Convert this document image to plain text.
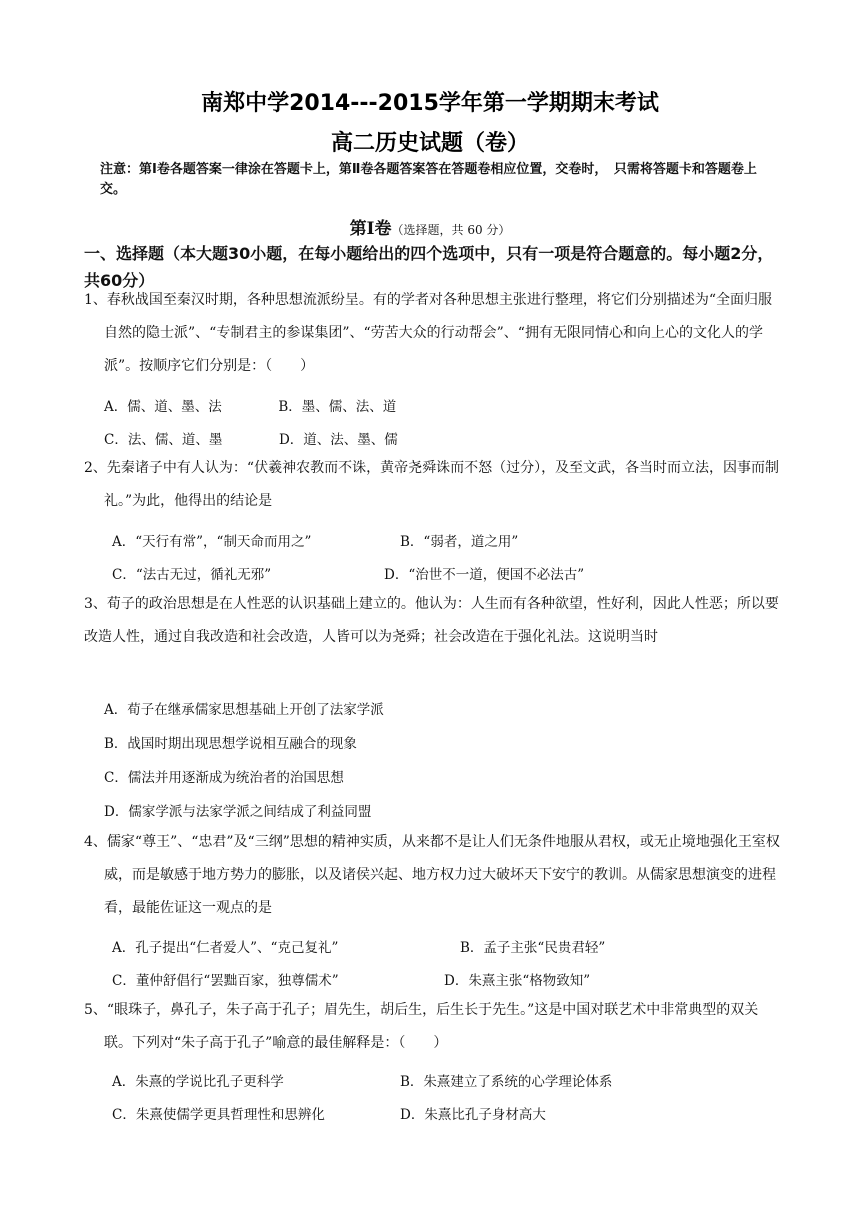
南郑中学2014---2015学年第一学期期末考试
高二历史试题（卷）
注意：第Ⅰ卷各题答案一律涂在答题卡上，第Ⅱ卷各题答案答在答题卷相应位置，交卷时，　只需将答题卡和答题卷上交。
第Ⅰ卷（选择题，共 60 分）
一、选择题（本大题30小题，在每小题给出的四个选项中，只有一项是符合题意的。每小题2分，共60分）
1、春秋战国至秦汉时期，各种思想流派纷呈。有的学者对各种思想主张进行整理，将它们分别描述为“全面归服自然的隐士派”、“专制君主的参谋集团”、“劳苦大众的行动帮会”、“拥有无限同情心和向上心的文化人的学派”。按顺序它们分别是：（　　）
A．儒、道、墨、法	B．墨、儒、法、道
C．法、儒、道、墨	D．道、法、墨、儒
2、先秦诸子中有人认为：“伏羲神农教而不诛，黄帝尧舜诛而不怒（过分），及至文武，各当时而立法，因事而制礼。”为此，他得出的结论是
A．“天行有常”，“制天命而用之”	B．“弱者，道之用”
C．“法古无过，循礼无邪”	D．“治世不一道，便国不必法古”
3、荀子的政治思想是在人性恶的认识基础上建立的。他认为：人生而有各种欲望，性好利，因此人性恶；所以要改造人性，通过自我改造和社会改造，人皆可以为尧舜；社会改造在于强化礼法。这说明当时
A．荀子在继承儒家思想基础上开创了法家学派
B．战国时期出现思想学说相互融合的现象
C．儒法并用逐渐成为统治者的治国思想
D．儒家学派与法家学派之间结成了利益同盟
4、儒家“尊王”、“忠君”及“三纲”思想的精神实质，从来都不是让人们无条件地服从君权，或无止境地强化王室权威，而是敏感于地方势力的膨胀，以及诸侯兴起、地方权力过大破坏天下安宁的教训。从儒家思想演变的进程看，最能佐证这一观点的是
A．孔子提出“仁者爱人”、“克己复礼”	B．孟子主张“民贵君轻”
C．董仲舒倡行“罢黜百家，独尊儒术”	D．朱熹主张“格物致知”
5、“眼珠子，鼻孔子，朱子高于孔子；眉先生，胡后生，后生长于先生。”这是中国对联艺术中非常典型的双关联。下列对“朱子高于孔子”喻意的最佳解释是：（　　）
A．朱熹的学说比孔子更科学	B．朱熹建立了系统的心学理论体系
C．朱熹使儒学更具哲理性和思辨化	D．朱熹比孔子身材高大
